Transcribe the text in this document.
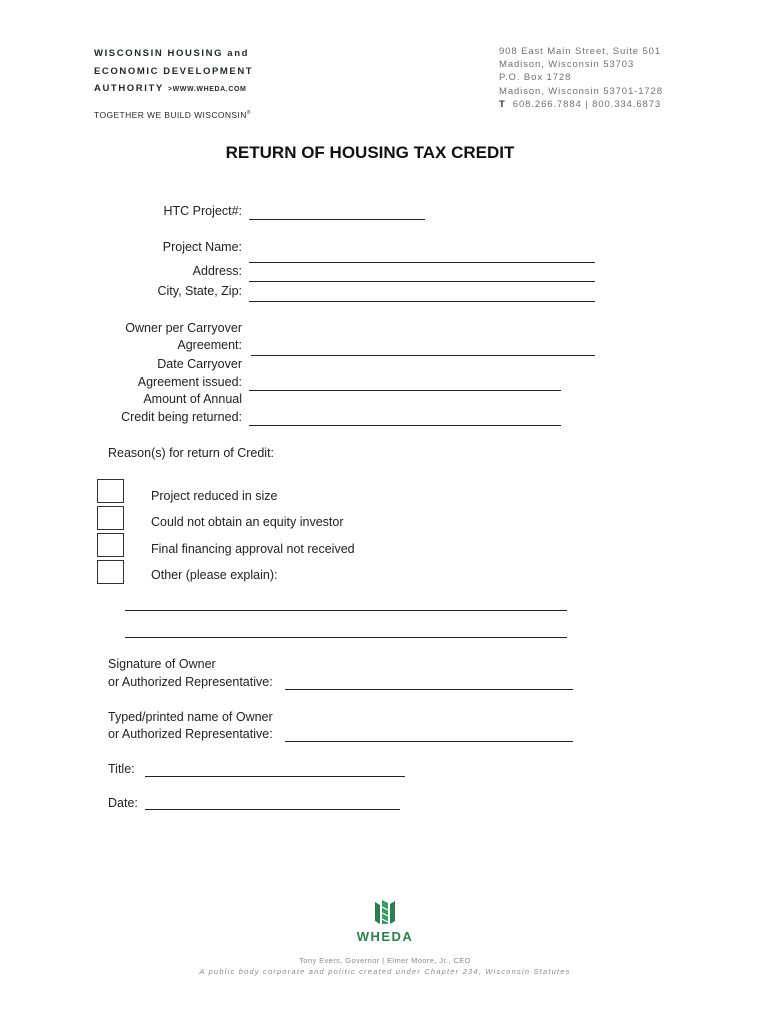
WISCONSIN HOUSING and
ECONOMIC DEVELOPMENT
AUTHORITY >WWW.WHEDA.COM
TOGETHER WE BUILD WISCONSIN®
908 East Main Street, Suite 501
Madison, Wisconsin 53703
P.O. Box 1728
Madison, Wisconsin 53701-1728
T 608.266.7884 | 800.334.6873
RETURN OF HOUSING TAX CREDIT
HTC Project#:
Project Name:
Address:
City, State, Zip:
Owner per Carryover
Agreement:
Date Carryover
Agreement issued:
Amount of Annual
Credit being returned:
Reason(s) for return of Credit:
Project reduced in size
Could not obtain an equity investor
Final financing approval not received
Other (please explain):
Signature of Owner
or Authorized Representative:
Typed/printed name of Owner
or Authorized Representative:
Title:
Date:
WHEDA
Tony Evers, Governor | Elmer Moore, Jr., CEO
A public body corporate and politic created under Chapter 234, Wisconsin Statutes
